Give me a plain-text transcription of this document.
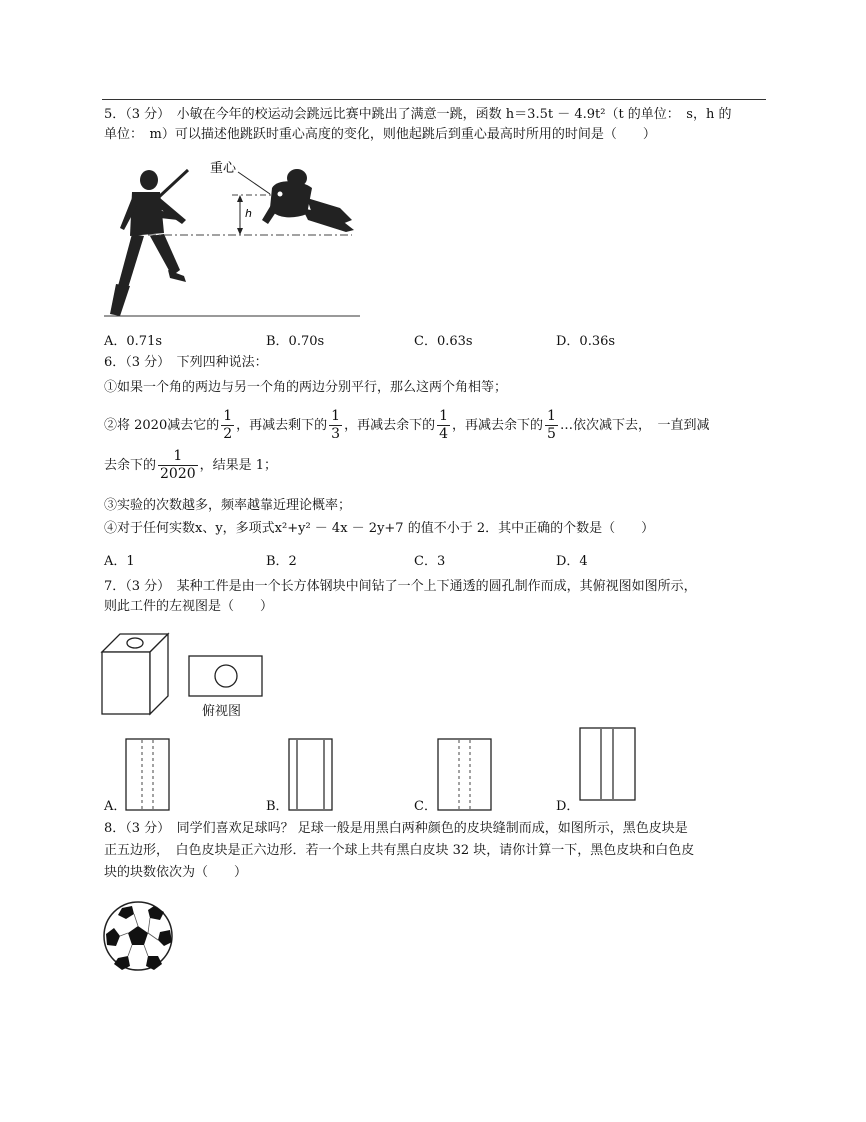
5．（3 分）　小敏在今年的校运动会跳远比赛中跳出了满意一跳，函数 h＝3.5t － 4.9t²（t 的单位：　s，h 的
单位：　m）可以描述他跳跃时重心高度的变化，则他起跳后到重心最高时所用的时间是（　　）
h
重心
A．0.71s	B．0.70s	C．0.63s	D．0.36s
6．（3 分）　下列四种说法：
①如果一个角的两边与另一个角的两边分别平行，那么这两个角相等；
②将 2020减去它的 $\frac{1}{2}$ ，再减去剩下的 $\frac{1}{3}$ ，再减去余下的 $\frac{1}{4}$ ，再减去余下的 $\frac{1}{5}$ …依次减下去，　一直到减
去余下的 $\frac{1}{2020}$ ，结果是 1；
③实验的次数越多，频率越靠近理论概率；
④对于任何实数x、y，多项式x²+y² － 4x － 2y+7 的值不小于 2．其中正确的个数是（　　）
A．1	B．2	C．3	D．4
7．（3 分）　某种工件是由一个长方体钢块中间钻了一个上下通透的圆孔制作而成，其俯视图如图所示，
则此工件的左视图是（　　）
俯视图
A．	B．	C．	D．
8．（3 分）　同学们喜欢足球吗？ 足球一般是用黑白两种颜色的皮块缝制而成，如图所示，黑色皮块是
正五边形，　白色皮块是正六边形．若一个球上共有黑白皮块 32 块，请你计算一下，黑色皮块和白色皮
块的块数依次为（　　）
